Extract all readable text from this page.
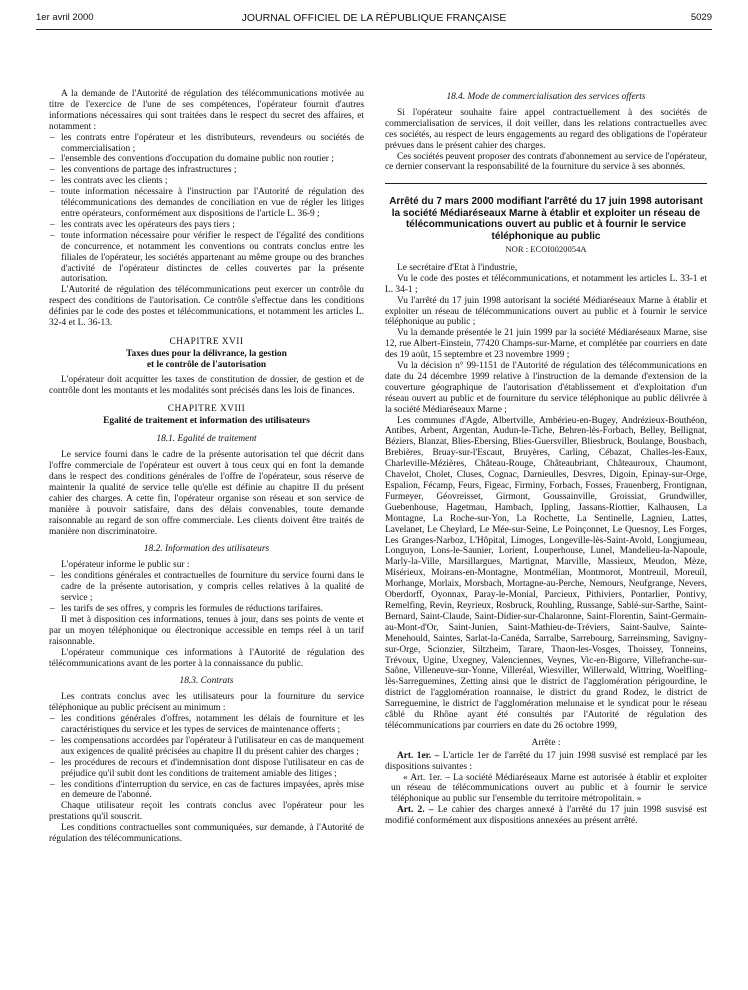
1er avril 2000	JOURNAL OFFICIEL DE LA RÉPUBLIQUE FRANÇAISE	5029

A la demande de l'Autorité de régulation des télécommunications motivée au titre de l'exercice de l'une de ses compétences, l'opérateur fournit d'autres informations nécessaires qui sont traitées dans le respect du secret des affaires, et notamment :

– les contrats entre l'opérateur et les distributeurs, revendeurs ou sociétés de commercialisation ;
– l'ensemble des conventions d'occupation du domaine public non routier ;
– les conventions de partage des infrastructures ;
– les contrats avec les clients ;
– toute information nécessaire à l'instruction par l'Autorité de régulation des télécommunications des demandes de conciliation en vue de régler les litiges entre opérateurs, conformément aux dispositions de l'article L. 36-9 ;
– les contrats avec les opérateurs des pays tiers ;
– toute information nécessaire pour vérifier le respect de l'égalité des conditions de concurrence, et notamment les conventions ou contrats conclus entre les filiales de l'opérateur, les sociétés appartenant au même groupe ou des branches d'activité de l'opérateur distinctes de celles couvertes par la présente autorisation.

L'Autorité de régulation des télécommunications peut exercer un contrôle du respect des conditions de l'autorisation. Ce contrôle s'effectue dans les conditions définies par le code des postes et télécommunications, et notamment les articles L. 32-4 et L. 36-13.

CHAPITRE XVII
Taxes dues pour la délivrance, la gestion
et le contrôle de l'autorisation

L'opérateur doit acquitter les taxes de constitution de dossier, de gestion et de contrôle dont les montants et les modalités sont précisés dans les lois de finances.

CHAPITRE XVIII
Egalité de traitement et information des utilisateurs
18.1. Egalité de traitement

Le service fourni dans le cadre de la présente autorisation tel que décrit dans l'offre commerciale de l'opérateur est ouvert à tous ceux qui en font la demande dans le respect des conditions générales de l'offre de l'opérateur, sous réserve de maintenir la qualité de service telle qu'elle est définie au chapitre II du présent cahier des charges. A cette fin, l'opérateur organise son réseau et son service de manière à pouvoir satisfaire, dans des délais convenables, toute demande raisonnable au regard de son offre commerciale. Les clients doivent être traités de manière non discriminatoire.

18.2. Information des utilisateurs

L'opérateur informe le public sur :

– les conditions générales et contractuelles de fourniture du service fourni dans le cadre de la présente autorisation, y compris celles relatives à la qualité de service ;
– les tarifs de ses offres, y compris les formules de réductions tarifaires.

Il met à disposition ces informations, tenues à jour, dans ses points de vente et par un moyen téléphonique ou électronique accessible en temps réel à un tarif raisonnable.

L'opérateur communique ces informations à l'Autorité de régulation des télécommunications avant de les porter à la connaissance du public.

18.3. Contrats

Les contrats conclus avec les utilisateurs pour la fourniture du service téléphonique au public précisent au minimum :

– les conditions générales d'offres, notamment les délais de fourniture et les caractéristiques du service et les types de services de maintenance offerts ;
– les compensations accordées par l'opérateur à l'utilisateur en cas de manquement aux exigences de qualité précisées au chapitre II du présent cahier des charges ;
– les procédures de recours et d'indemnisation dont dispose l'utilisateur en cas de préjudice qu'il subit dont les conditions de traitement amiable des litiges ;
– les conditions d'interruption du service, en cas de factures impayées, après mise en demeure de l'abonné.

Chaque utilisateur reçoit les contrats conclus avec l'opérateur pour les prestations qu'il souscrit.

Les conditions contractuelles sont communiquées, sur demande, à l'Autorité de régulation des télécommunications.

18.4. Mode de commercialisation des services offerts

Si l'opérateur souhaite faire appel contractuellement à des sociétés de commercialisation de services, il doit veiller, dans les relations contractuelles avec ces sociétés, au respect de leurs engagements au regard des obligations de l'opérateur prévues dans le présent cahier des charges.

Ces sociétés peuvent proposer des contrats d'abonnement au service de l'opérateur, ce dernier conservant la responsabilité de la fourniture du service à ses abonnés.

Arrêté du 7 mars 2000 modifiant l'arrêté du 17 juin 1998 autorisant la société Médiaréseaux Marne à établir et exploiter un réseau de télécommunications ouvert au public et à fournir le service téléphonique au public
NOR : ECOI0020054A

Le secrétaire d'Etat à l'industrie,

Vu le code des postes et télécommunications, et notamment les articles L. 33-1 et L. 34-1 ;

Vu l'arrêté du 17 juin 1998 autorisant la société Médiaréseaux Marne à établir et exploiter un réseau de télécommunications ouvert au public et à fournir le service téléphonique au public ;

Vu la demande présentée le 21 juin 1999 par la société Médiaréseaux Marne, sise 12, rue Albert-Einstein, 77420 Champs-sur-Marne, et complétée par courriers en date des 19 août, 15 septembre et 23 novembre 1999 ;

Vu la décision n° 99-1151 de l'Autorité de régulation des télécommunications en date du 24 décembre 1999 relative à l'instruction de la demande d'extension de la couverture géographique de l'autorisation d'établissement et d'exploitation d'un réseau ouvert au public et de fourniture du service téléphonique au public délivrée à la société Médiaréseaux Marne ;

Les communes d'Agde, Albertville, Ambérieu-en-Bugey, Andrézieux-Bouthéon, Antibes, Arbent, Argentan, Audun-le-Tiche, Behren-lès-Forbach, Belley, Bellignat, Béziers, Blanzat, Blies-Ebersing, Blies-Guersviller, Bliesbruck, Boulange, Bousbach, Brebières, Bruay-sur-l'Escaut, Bruyères, Carling, Cébazat, Challes-les-Eaux, Charleville-Mézières, Château-Rouge, Châteaubriant, Châteauroux, Chaumont, Chavelot, Cholet, Cluses, Cognac, Darnieulles, Desvres, Digoin, Epinay-sur-Orge, Espalion, Fécamp, Feurs, Figeac, Firminy, Forbach, Fosses, Frauenberg, Frontignan, Furmeyer, Géovreisset, Girmont, Goussainville, Groissiat, Grundwiller, Guebenhouse, Hagetmau, Hambach, Ippling, Jassans-Riottier, Kalhausen, La Montagne, La Roche-sur-Yon, La Rochette, La Sentinelle, Lagnieu, Lattes, Lavelanet, Le Cheylard, Le Mée-sur-Seine, Le Poinçonnet, Le Quesnoy, Les Forges, Les Granges-Narboz, L'Hôpital, Limoges, Longeville-lès-Saint-Avold, Longjumeau, Longuyon, Lons-le-Saunier, Lorient, Louperhouse, Lunel, Mandelieu-la-Napoule, Marly-la-Ville, Marsillargues, Martignat, Marville, Massieux, Meudon, Mèze, Misérieux, Moirans-en-Montagne, Montmélian, Montmorot, Montreuil, Moreuil, Morhange, Morlaix, Morsbach, Mortagne-au-Perche, Nemours, Neufgrange, Nevers, Oberdorff, Oyonnax, Paray-le-Monial, Parcieux, Pithiviers, Pontarlier, Pontivy, Remelfing, Revin, Reyrieux, Rosbruck, Rouhling, Russange, Sablé-sur-Sarthe, Saint-Bernard, Saint-Claude, Saint-Didier-sur-Chalaronne, Saint-Florentin, Saint-Germain-au-Mont-d'Or, Saint-Junien, Saint-Mathieu-de-Tréviers, Saint-Saulve, Sainte-Menehould, Saintes, Sarlat-la-Canéda, Sarralbe, Sarrebourg, Sarreinsming, Savigny-sur-Orge, Scionzier, Siltzheim, Tarare, Thaon-les-Vosges, Thoissey, Tonneins, Trévoux, Ugine, Uxegney, Valenciennes, Veynes, Vic-en-Bigorre, Villefranche-sur-Saône, Villeneuve-sur-Yonne, Villeréal, Wiesviller, Willerwald, Wittring, Woelfling-lès-Sarreguemines, Zetting ainsi que le district de l'agglomération périgourdine, le district de l'agglomération roannaise, le district du grand Rodez, le district de Sarreguemine, le district de l'agglomération melunaise et le syndicat pour le réseau câblé du Rhône ayant été consultés par l'Autorité de régulation des télécommunications par courriers en date du 26 octobre 1999,

Arrête :

Art. 1er. – L'article 1er de l'arrêté du 17 juin 1998 susvisé est remplacé par les dispositions suivantes :

« Art. 1er. – La société Médiaréseaux Marne est autorisée à établir et exploiter un réseau de télécommunications ouvert au public et à fournir le service téléphonique au public sur l'ensemble du territoire métropolitain. »

Art. 2. – Le cahier des charges annexé à l'arrêté du 17 juin 1998 susvisé est modifié conformément aux dispositions annexées au présent arrêté.
